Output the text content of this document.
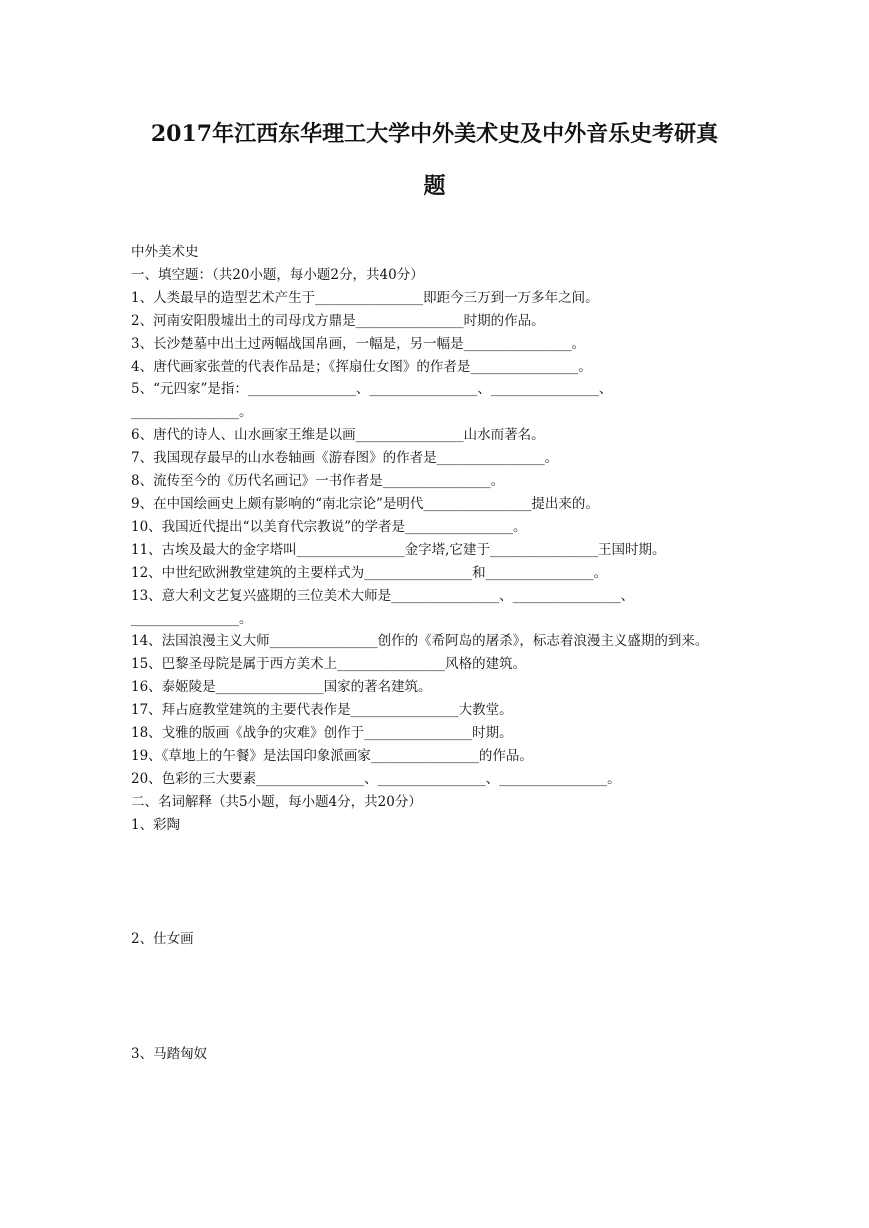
2017年江西东华理工大学中外美术史及中外音乐史考研真
题
中外美术史
一、填空题：（共20小题，每小题2分，共40分）
1、人类最早的造型艺术产生于________________即距今三万到一万多年之间。
2、河南安阳殷墟出土的司母戊方鼎是________________时期的作品。
3、长沙楚墓中出土过两幅战国帛画，一幅是，另一幅是________________。
4、唐代画家张萱的代表作品是；《挥扇仕女图》的作者是________________。
5、“元四家”是指：________________、________________、________________、
________________。
6、唐代的诗人、山水画家王维是以画________________山水而著名。
7、我国现存最早的山水卷轴画《游春图》的作者是________________。
8、流传至今的《历代名画记》一书作者是________________。
9、在中国绘画史上颇有影响的“南北宗论”是明代________________提出来的。
10、我国近代提出“以美育代宗教说”的学者是________________。
11、古埃及最大的金字塔叫________________金字塔,它建于________________王国时期。
12、中世纪欧洲教堂建筑的主要样式为________________和________________。
13、意大利文艺复兴盛期的三位美术大师是________________、________________、
________________。
14、法国浪漫主义大师________________创作的《希阿岛的屠杀》，标志着浪漫主义盛期的到来。
15、巴黎圣母院是属于西方美术上________________风格的建筑。
16、泰姬陵是________________国家的著名建筑。
17、拜占庭教堂建筑的主要代表作是________________大教堂。
18、戈雅的版画《战争的灾难》创作于________________时期。
19、《草地上的午餐》是法国印象派画家________________的作品。
20、色彩的三大要素________________、________________、________________。
二、名词解释（共5小题，每小题4分，共20分）
1、彩陶
2、仕女画
3、马踏匈奴
